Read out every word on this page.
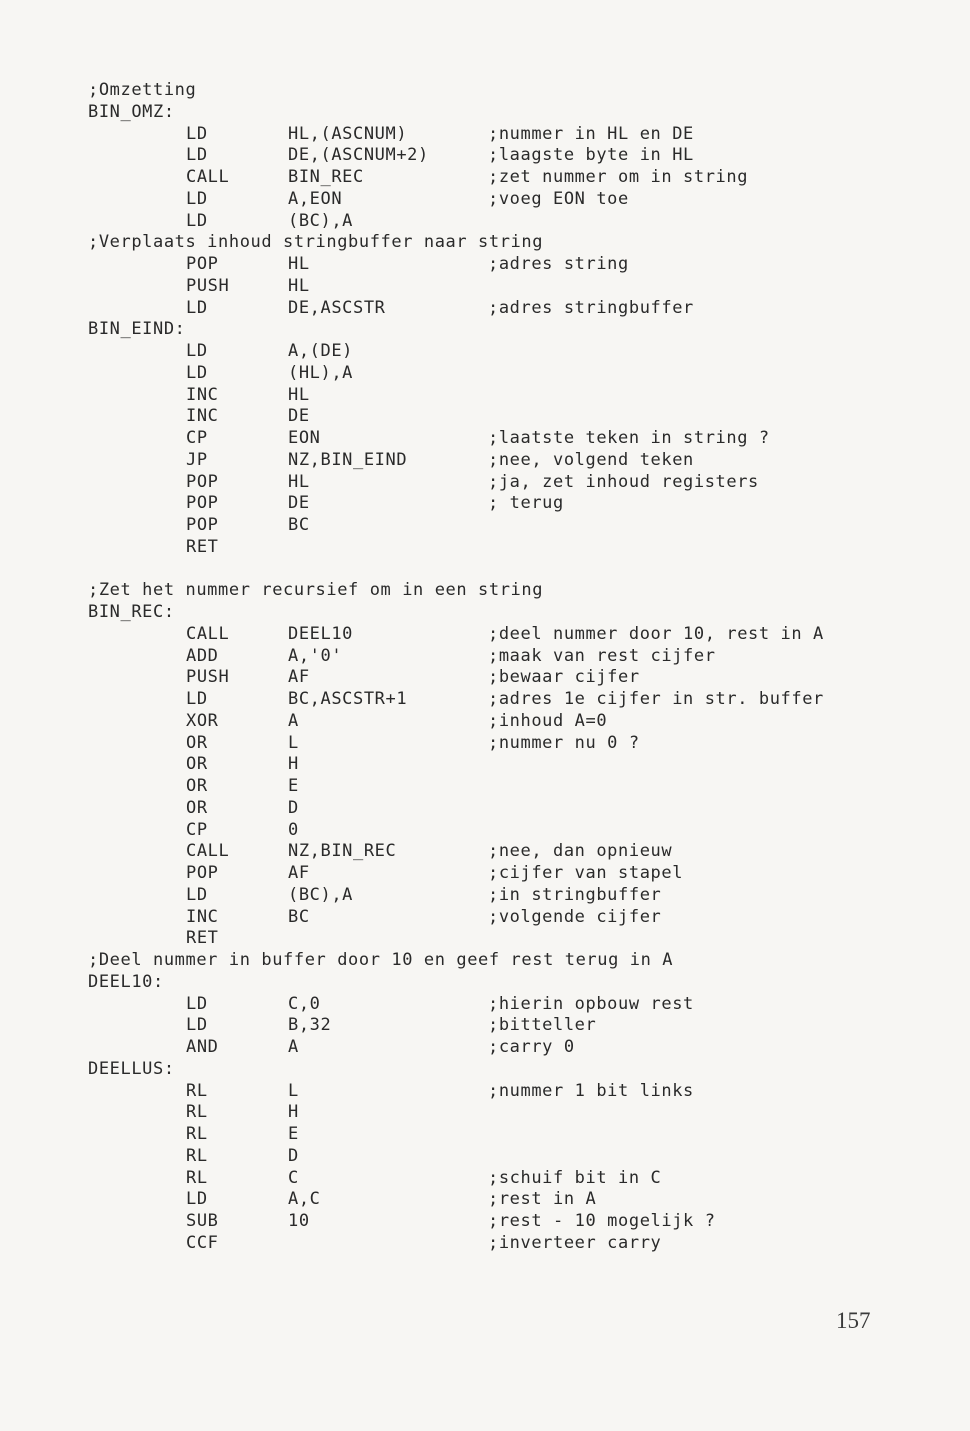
;Omzetting
BIN_OMZ:
LD	HL,(ASCNUM)	;nummer in HL en DE
LD	DE,(ASCNUM+2)	;laagste byte in HL
CALL	BIN_REC	;zet nummer om in string
LD	A,EON	;voeg EON toe
LD	(BC),A
;Verplaats inhoud stringbuffer naar string
POP	HL	;adres string
PUSH	HL
LD	DE,ASCSTR	;adres stringbuffer
BIN_EIND:
LD	A,(DE)
LD	(HL),A
INC	HL
INC	DE
CP	EON	;laatste teken in string ?
JP	NZ,BIN_EIND	;nee, volgend teken
POP	HL	;ja, zet inhoud registers
POP	DE	; terug
POP	BC
RET
;Zet het nummer recursief om in een string
BIN_REC:
CALL	DEEL10	;deel nummer door 10, rest in A
ADD	A,'0'	;maak van rest cijfer
PUSH	AF	;bewaar cijfer
LD	BC,ASCSTR+1	;adres 1e cijfer in str. buffer
XOR	A	;inhoud A=0
OR	L	;nummer nu 0 ?
OR	H
OR	E
OR	D
CP	0
CALL	NZ,BIN_REC	;nee, dan opnieuw
POP	AF	;cijfer van stapel
LD	(BC),A	;in stringbuffer
INC	BC	;volgende cijfer
RET
;Deel nummer in buffer door 10 en geef rest terug in A
DEEL10:
LD	C,0	;hierin opbouw rest
LD	B,32	;bitteller
AND	A	;carry 0
DEELLUS:
RL	L	;nummer 1 bit links
RL	H
RL	E
RL	D
RL	C	;schuif bit in C
LD	A,C	;rest in A
SUB	10	;rest - 10 mogelijk ?
CCF	;inverteer carry
157
